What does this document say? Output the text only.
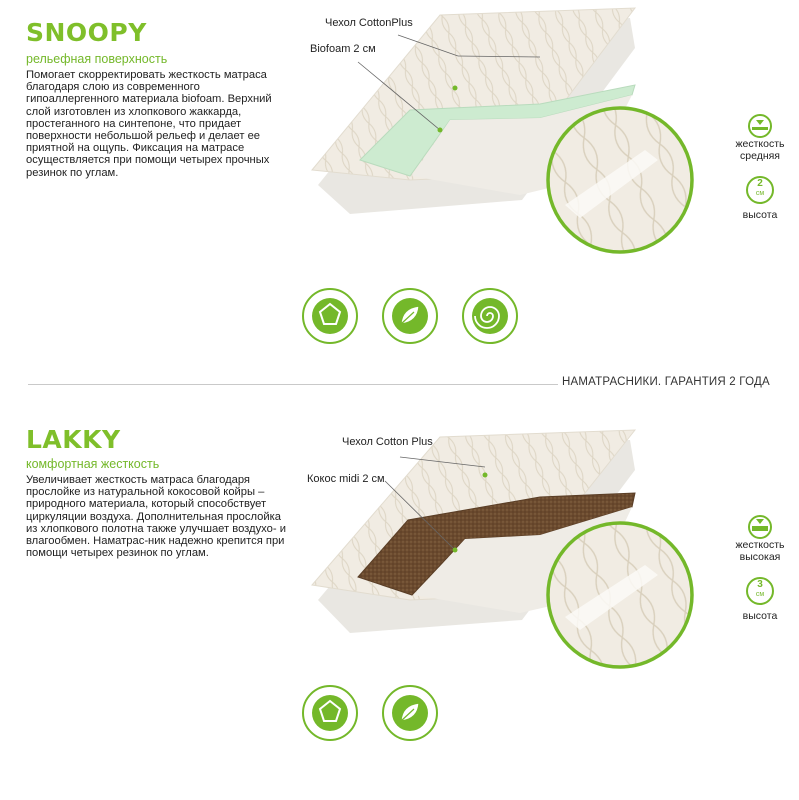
SNOOPY

рельефная поверхность

Помогает скорректировать жесткость матраса благодаря слою из современного гипоаллергенного материала biofoam. Верхний слой изготовлен из хлопкового жаккарда, простеганного на синтепоне, что придает поверхности небольшой рельеф и делает ее приятной на ощупь. Фиксация на матрасе осуществляется при помощи четырех прочных резинок по углам.

Чехол CottonPlus
Biofoam 2 см
жесткость
средняя
2
см
высота
НАМАТРАСНИКИ. ГАРАНТИЯ 2 ГОДА
LAKKY

комфортная жесткость

Увеличивает жесткость матраса благодаря прослойке из натуральной кокосовой койры – природного материала, который способствует циркуляции воздуха. Дополнительная прослойка из хлопкового полотна также улучшает воздухо- и влагообмен. Наматрас-ник надежно крепится при помощи четырех резинок по углам.

Чехол Cotton Plus
Кокос midi 2 см
жесткость
высокая
3
см
высота
